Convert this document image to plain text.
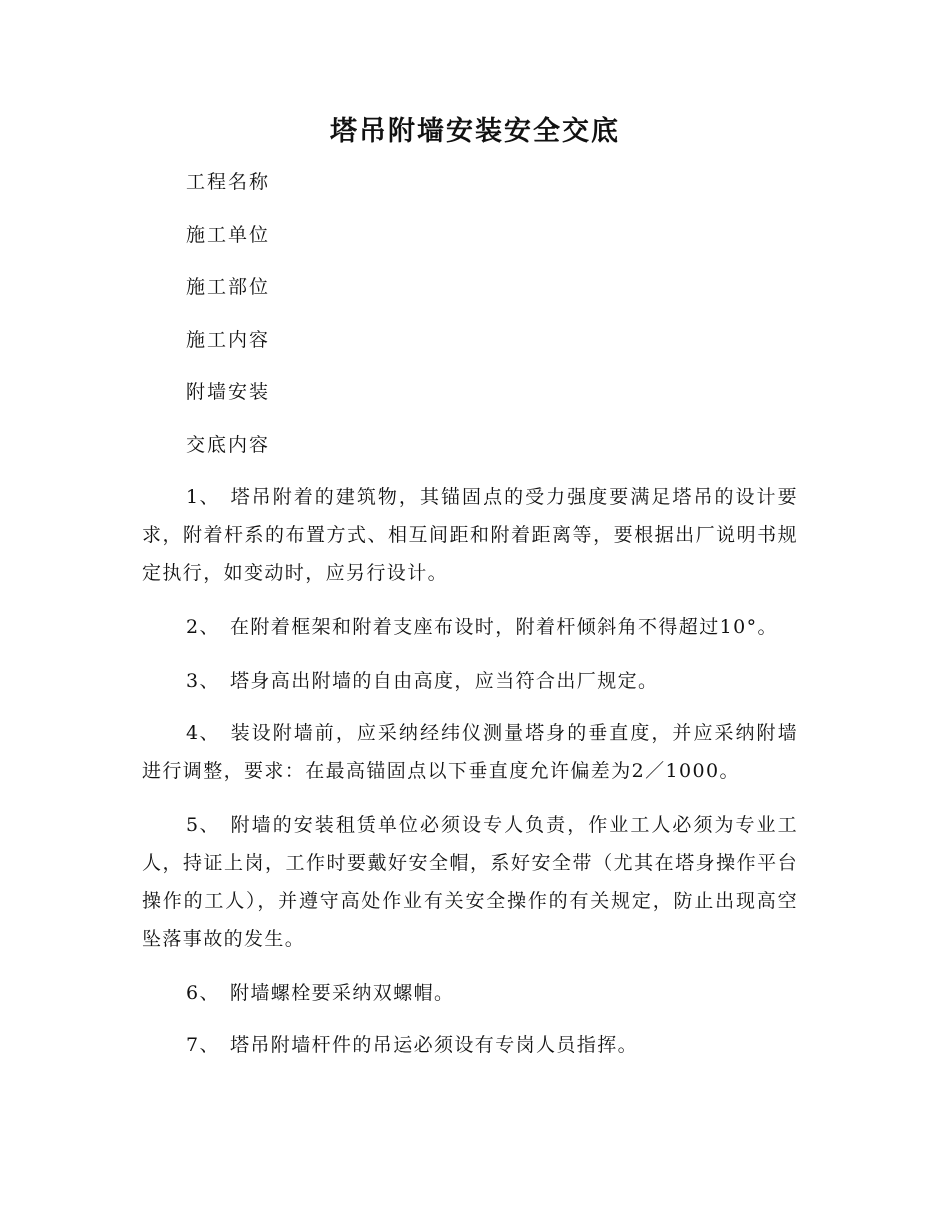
塔吊附墙安装安全交底
工程名称
施工单位
施工部位
施工内容
附墙安装
交底内容

1、 塔吊附着的建筑物，其锚固点的受力强度要满足塔吊的设计要求，附着杆系的布置方式、相互间距和附着距离等，要根据出厂说明书规定执行，如变动时，应另行设计。

2、 在附着框架和附着支座布设时，附着杆倾斜角不得超过10°。

3、 塔身高出附墙的自由高度，应当符合出厂规定。

4、 装设附墙前，应采纳经纬仪测量塔身的垂直度，并应采纳附墙进行调整，要求：在最高锚固点以下垂直度允许偏差为2／1000。

5、 附墙的安装租赁单位必须设专人负责，作业工人必须为专业工人，持证上岗，工作时要戴好安全帽，系好安全带（尤其在塔身操作平台操作的工人），并遵守高处作业有关安全操作的有关规定，防止出现高空坠落事故的发生。

6、 附墙螺栓要采纳双螺帽。

7、 塔吊附墙杆件的吊运必须设有专岗人员指挥。
